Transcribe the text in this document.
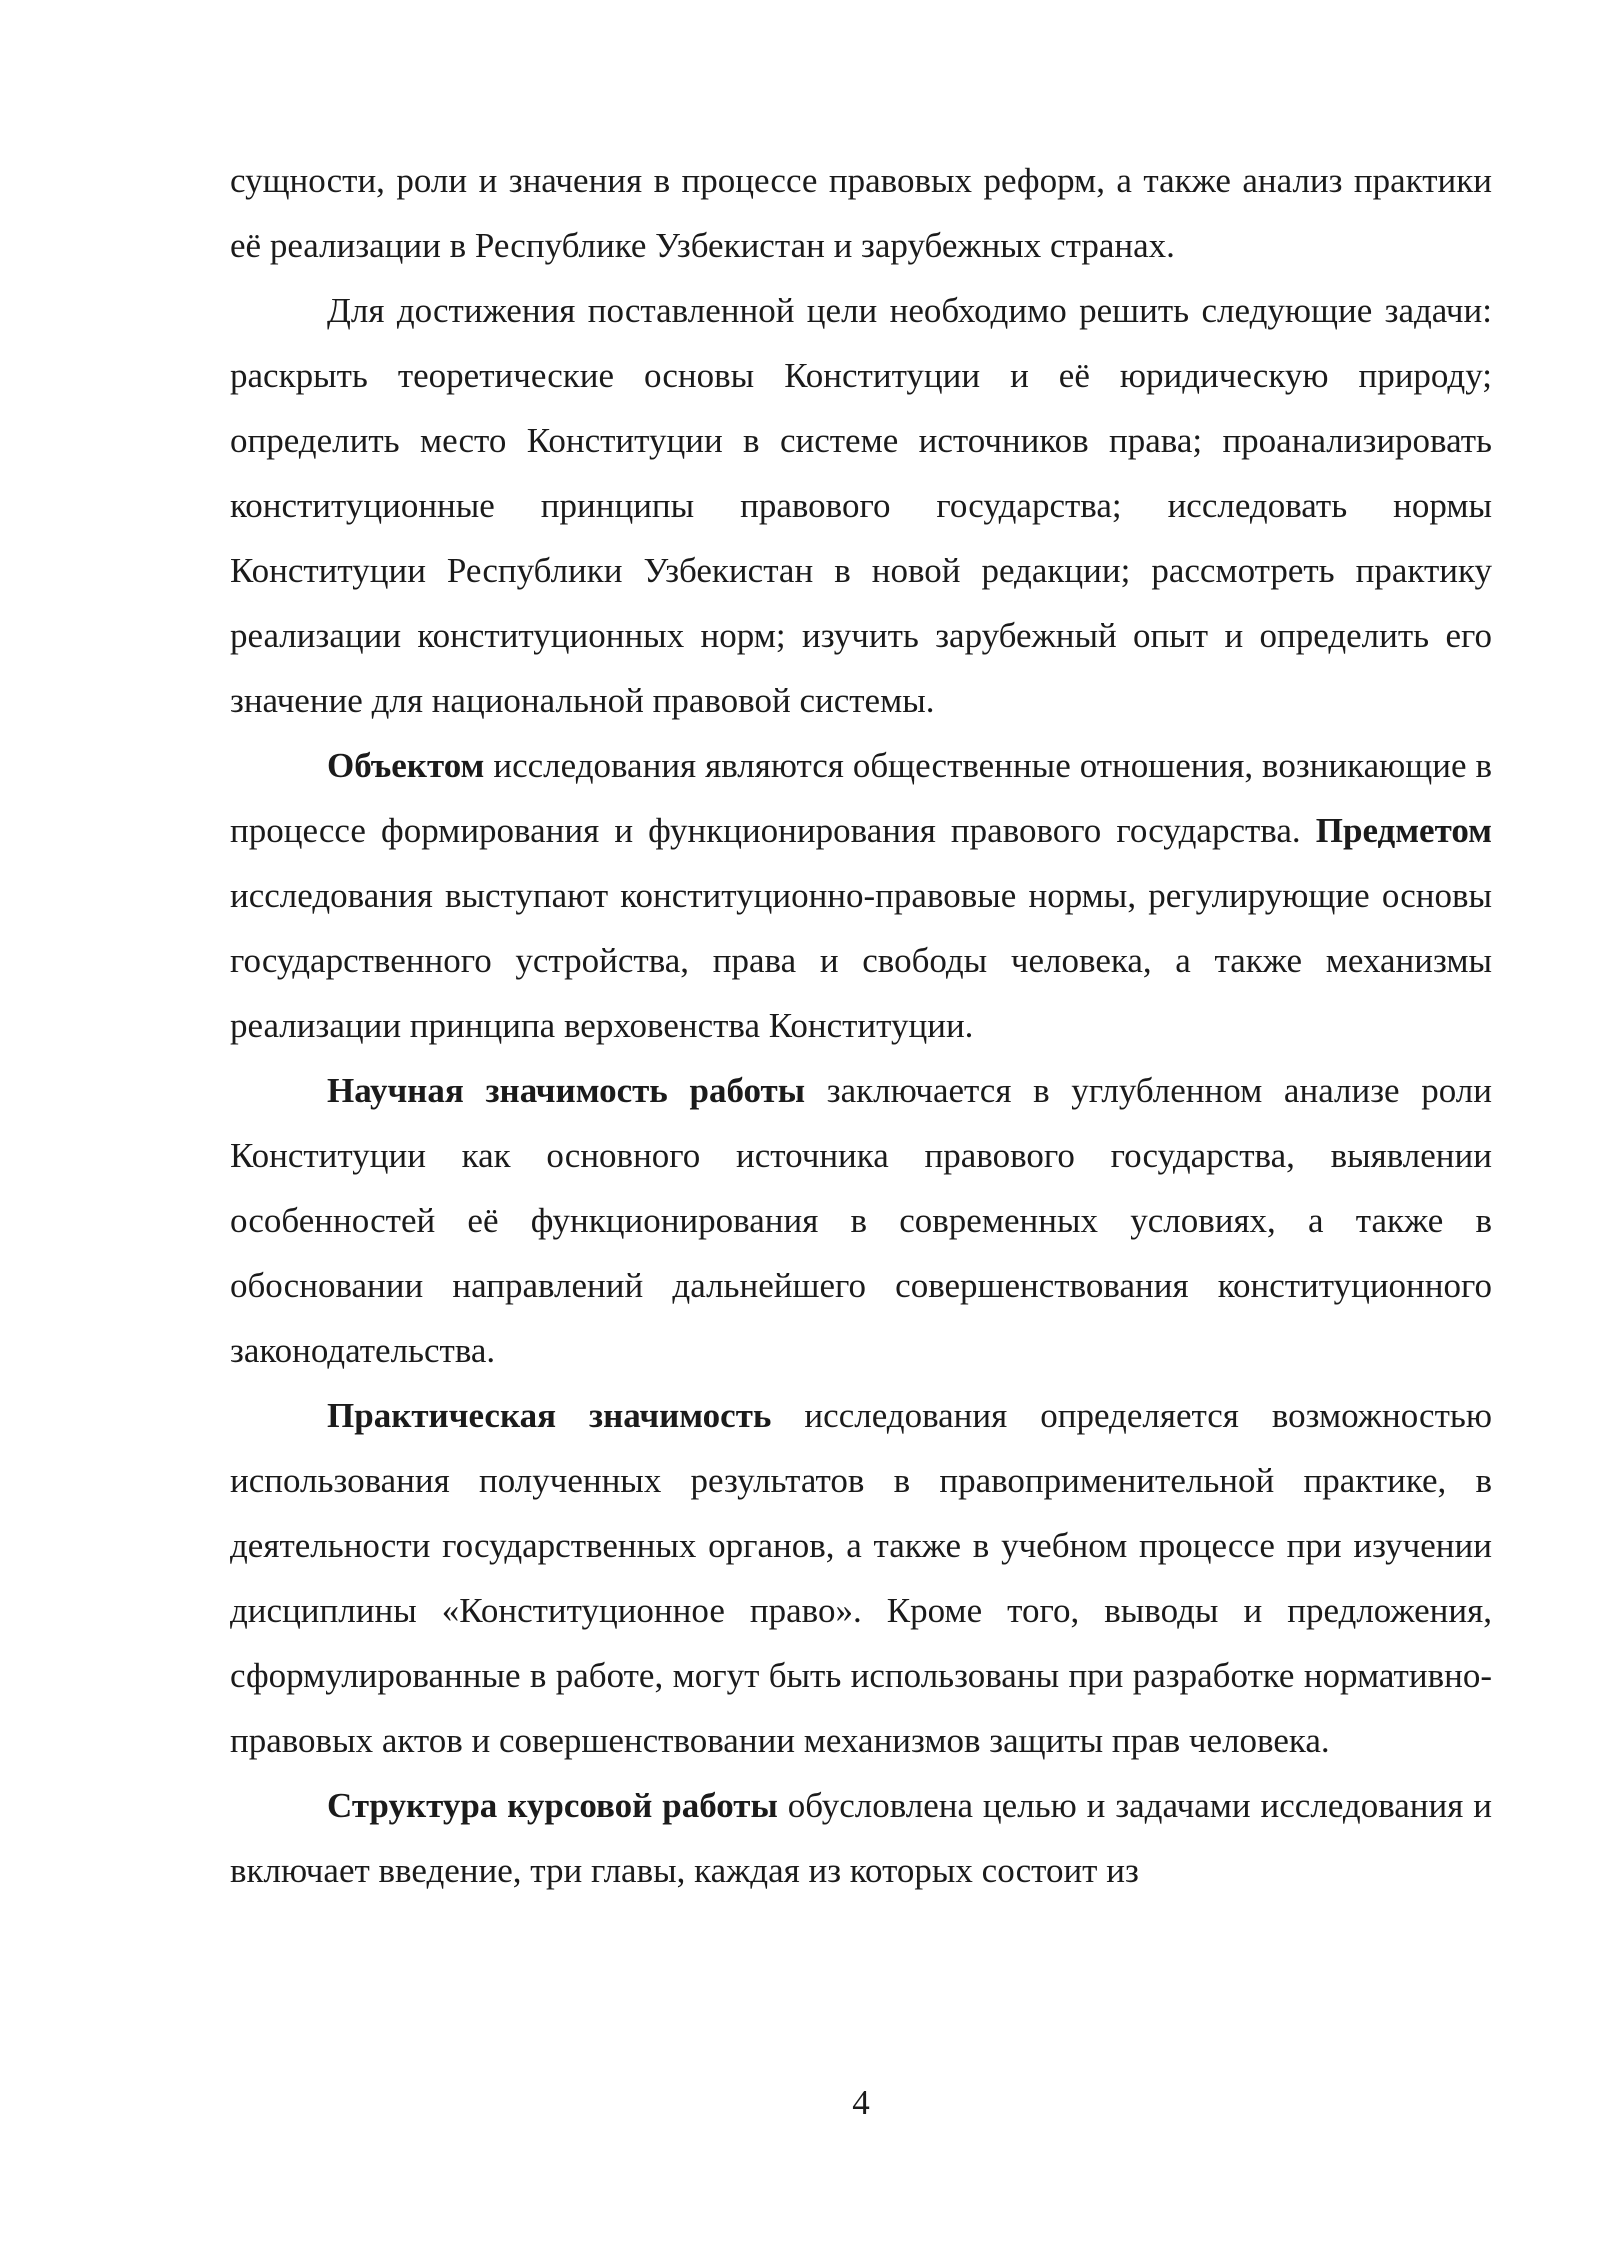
сущности, роли и значения в процессе правовых реформ, а также анализ практики её реализации в Республике Узбекистан и зарубежных странах.

Для достижения поставленной цели необходимо решить следующие задачи: раскрыть теоретические основы Конституции и её юридическую природу; определить место Конституции в системе источников права; проанализировать конституционные принципы правового государства; исследовать нормы Конституции Республики Узбекистан в новой редакции; рассмотреть практику реализации конституционных норм; изучить зарубежный опыт и определить его значение для национальной правовой системы.

Объектом исследования являются общественные отношения, возникающие в процессе формирования и функционирования правового государства. Предметом исследования выступают конституционно-правовые нормы, регулирующие основы государственного устройства, права и свободы человека, а также механизмы реализации принципа верховенства Конституции.

Научная значимость работы заключается в углубленном анализе роли Конституции как основного источника правового государства, выявлении особенностей её функционирования в современных условиях, а также в обосновании направлений дальнейшего совершенствования конституционного законодательства.

Практическая значимость исследования определяется возможностью использования полученных результатов в правоприменительной практике, в деятельности государственных органов, а также в учебном процессе при изучении дисциплины «Конституционное право». Кроме того, выводы и предложения, сформулированные в работе, могут быть использованы при разработке нормативно-правовых актов и совершенствовании механизмов защиты прав человека.

Структура курсовой работы обусловлена целью и задачами исследования и включает введение, три главы, каждая из которых состоит из

4
